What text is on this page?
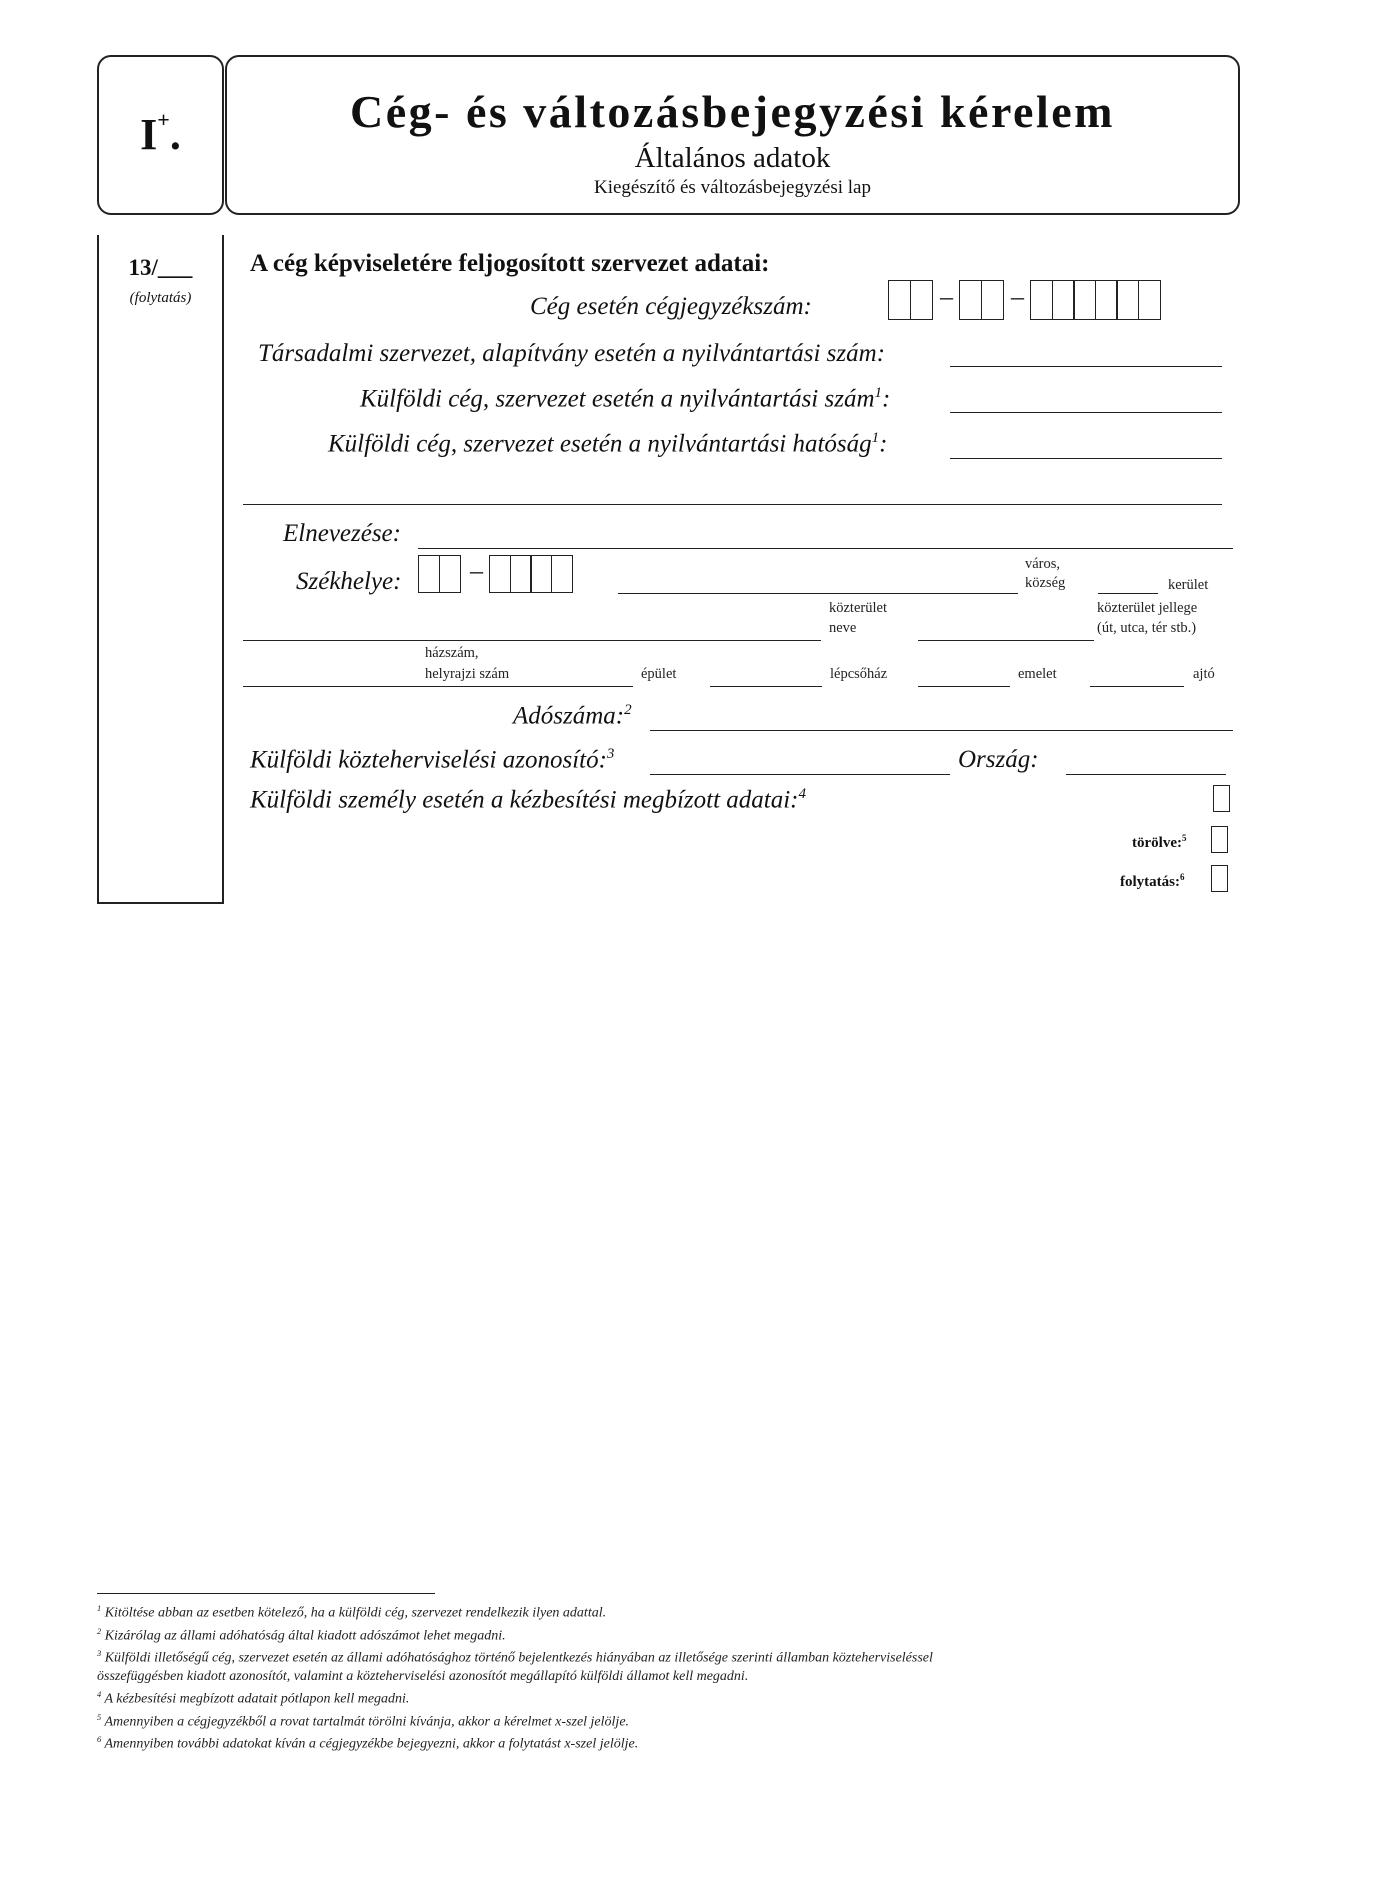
I+.	Cég- és változásbejegyzési kérelem
Általános adatok
Kiegészítő és változásbejegyzési lap
13/___
(folytatás)
A cég képviseletére feljogosított szervezet adatai:
Cég esetén cégjegyzékszám:	– –
Társadalmi szervezet, alapítvány esetén a nyilvántartási szám:
Külföldi cég, szervezet esetén a nyilvántartási szám$^1$:
Külföldi cég, szervezet esetén a nyilvántartási hatóság$^1$:
Elnevezése:
Székhelye:	–	város,
község	kerület
közterület
neve
közterület jellege
(út, utca, tér stb.)
házszám,
helyrajzi szám	épület	lépcsőház	emelet	ajtó
Adószáma:$^2$
Külföldi közteherviselési azonosító:$^3$	Ország:
Külföldi személy esetén a kézbesítési megbízott adatai:$^4$
törölve:$^5$
folytatás:$^6$
$^1$ Kitöltése abban az esetben kötelező, ha a külföldi cég, szervezet rendelkezik ilyen adattal.
$^2$ Kizárólag az állami adóhatóság által kiadott adószámot lehet megadni.
$^3$ Külföldi illetőségű cég, szervezet esetén az állami adóhatósághoz történő bejelentkezés hiányában az illetősége szerinti államban közteherviseléssel
összefüggésben kiadott azonosítót, valamint a közteherviselési azonosítót megállapító külföldi államot kell megadni.
$^4$ A kézbesítési megbízott adatait pótlapon kell megadni.
$^5$ Amennyiben a cégjegyzékből a rovat tartalmát törölni kívánja, akkor a kérelmet x-szel jelölje.
$^6$ Amennyiben további adatokat kíván a cégjegyzékbe bejegyezni, akkor a folytatást x-szel jelölje.
